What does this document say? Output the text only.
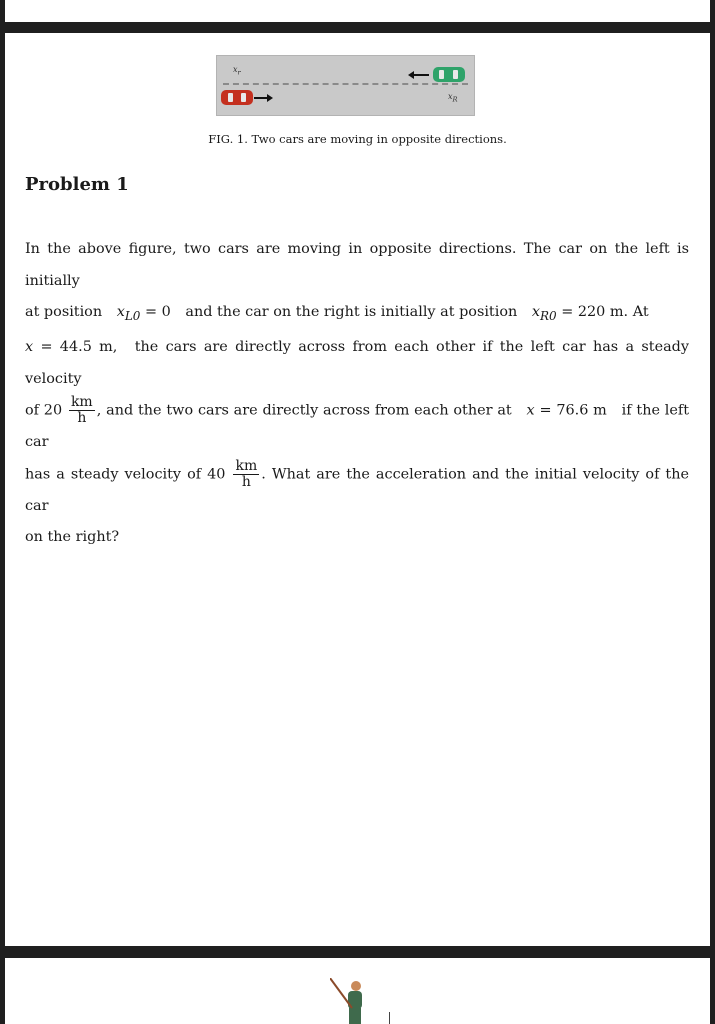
$x_r$
$x_R$
FIG. 1. Two cars are moving in opposite directions.
Problem 1
In the above figure, two cars are moving in opposite directions. The car on the left is initially
at position $x_{L0} = 0$ and the car on the right is initially at position $x_{R0} = 220$ m. At
x = 44.5 m, the cars are directly across from each other if the left car has a steady velocity
of $20 \frac{km}{h}$ , and the two cars are directly across from each other at x = 76.6 m if the left car
has a steady velocity of $40 \frac{km}{h}$ . What are the acceleration and the initial velocity of the car
on the right?
